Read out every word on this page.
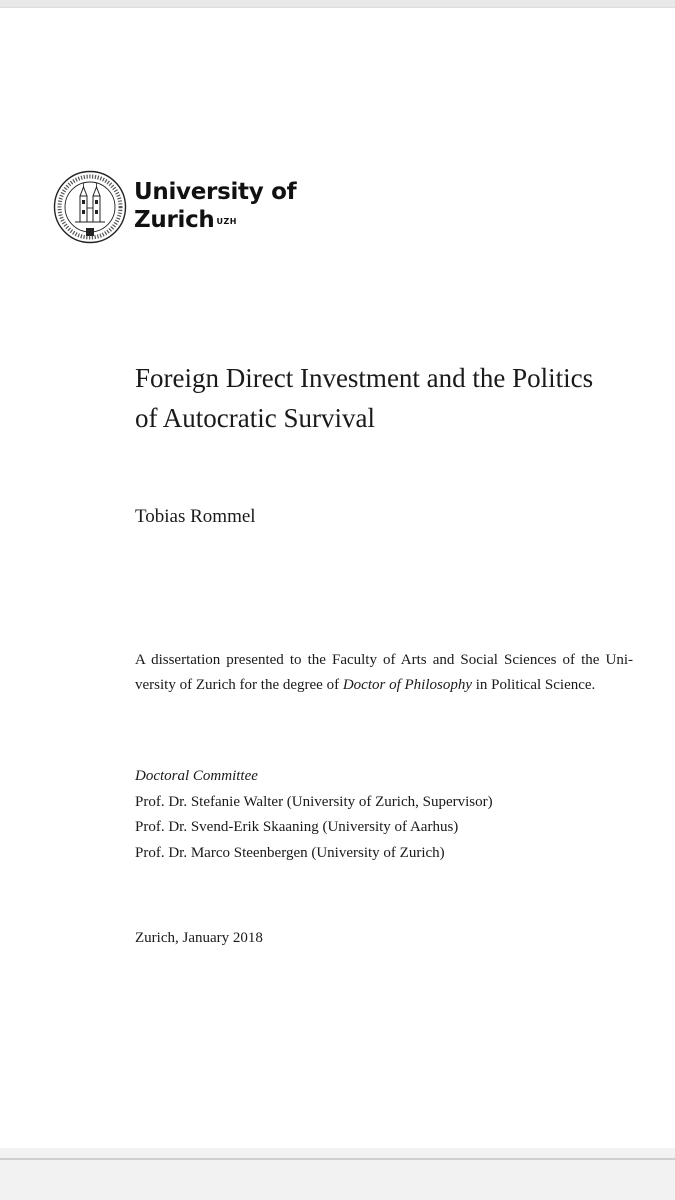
University of
Zurich $^{UZH}$
Foreign Direct Investment and the Politics
of Autocratic Survival
Tobias Rommel
A dissertation presented to the Faculty of Arts and Social Sciences of the Uni- versity of Zurich for the degree of Doctor of Philosophy in Political Science.
Doctoral Committee
Prof. Dr. Stefanie Walter (University of Zurich, Supervisor)
Prof. Dr. Svend-Erik Skaaning (University of Aarhus)
Prof. Dr. Marco Steenbergen (University of Zurich)
Zurich, January 2018
